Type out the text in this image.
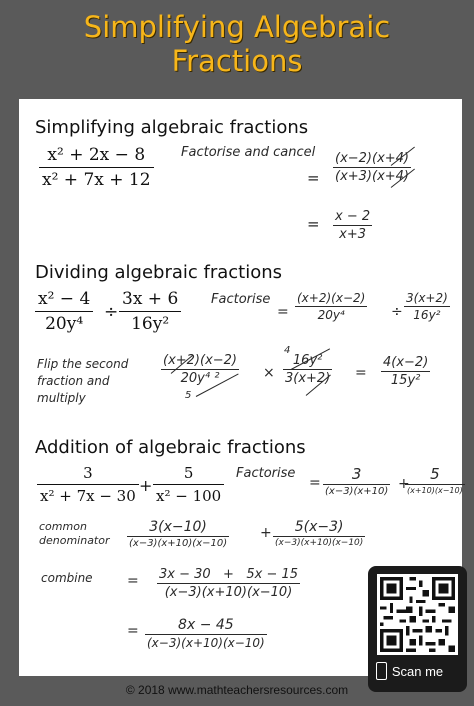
Simplifying Algebraic
Fractions
Simplifying algebraic fractions
x² + 2x − 8
x² + 7x + 12
Factorise and cancel
=
(x−2)(x+4)
(x+3)(x+4)
= x − 2
x+3
Dividing algebraic fractions
x² − 4
20y⁴
÷
3x + 6
16y²
Factorise
=
(x+2)(x−2)
20y⁴	÷
3(x+2)
16y²
Flip the second
fraction and
multiply
(x+2)(x−2)
20y⁴ ²
5
×
4
16y²
3(x+2) =
4(x−2)
15y²
Addition of algebraic fractions
3
x² + 7x − 30
+
5
x² − 100
Factorise
= 3
(x−3)(x+10) +
5
(x+10)(x−10)
common
denominator
3(x−10)
(x−3)(x+10)(x−10)
+ 5(x−3)
(x−3)(x+10)(x−10)
combine = 3x − 30   +   5x − 15
(x−3)(x+10)(x−10)
=	8x − 45
(x−3)(x+10)(x−10)
Scan me
© 2018 www.mathteachersresources.com
